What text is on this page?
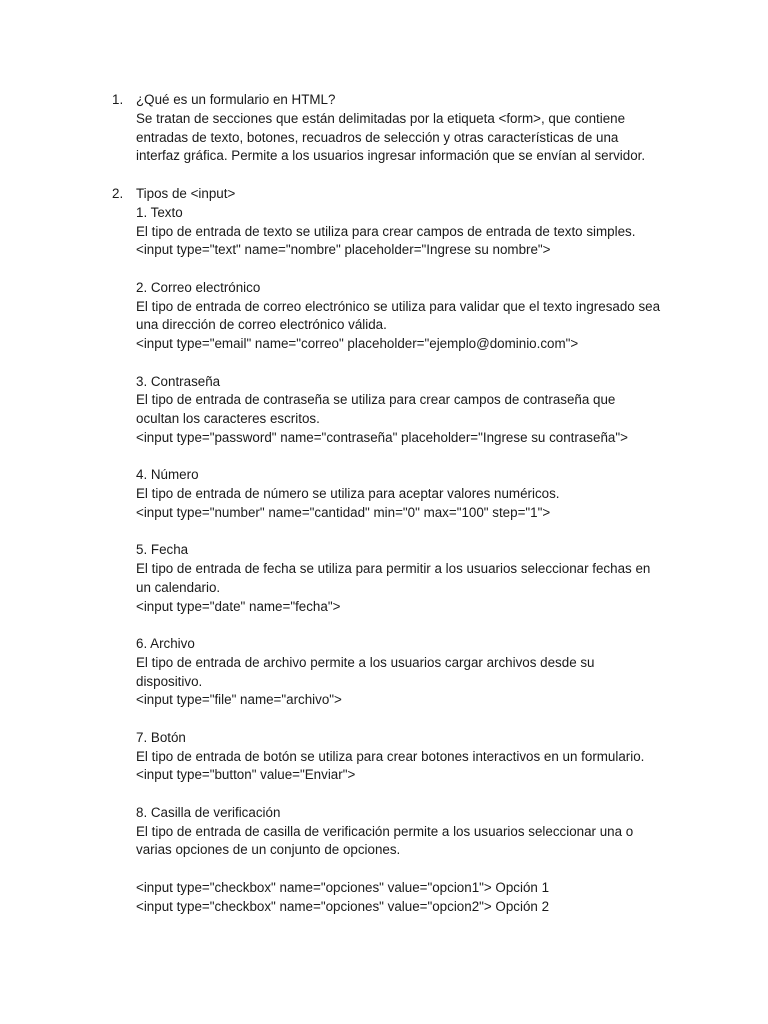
1. ¿Qué es un formulario en HTML?
Se tratan de secciones que están delimitadas por la etiqueta <form>, que contiene
entradas de texto, botones, recuadros de selección y otras características de una
interfaz gráfica. Permite a los usuarios ingresar información que se envían al servidor.
2. Tipos de <input>
1. Texto
El tipo de entrada de texto se utiliza para crear campos de entrada de texto simples.
<input type="text" name="nombre" placeholder="Ingrese su nombre">
2. Correo electrónico
El tipo de entrada de correo electrónico se utiliza para validar que el texto ingresado sea
una dirección de correo electrónico válida.
<input type="email" name="correo" placeholder="ejemplo@dominio.com">
3. Contraseña
El tipo de entrada de contraseña se utiliza para crear campos de contraseña que
ocultan los caracteres escritos.
<input type="password" name="contraseña" placeholder="Ingrese su contraseña">
4. Número
El tipo de entrada de número se utiliza para aceptar valores numéricos.
<input type="number" name="cantidad" min="0" max="100" step="1">
5. Fecha
El tipo de entrada de fecha se utiliza para permitir a los usuarios seleccionar fechas en
un calendario.
<input type="date" name="fecha">
6. Archivo
El tipo de entrada de archivo permite a los usuarios cargar archivos desde su
dispositivo.
<input type="file" name="archivo">
7. Botón
El tipo de entrada de botón se utiliza para crear botones interactivos en un formulario.
<input type="button" value="Enviar">
8. Casilla de verificación
El tipo de entrada de casilla de verificación permite a los usuarios seleccionar una o
varias opciones de un conjunto de opciones.
<input type="checkbox" name="opciones" value="opcion1"> Opción 1
<input type="checkbox" name="opciones" value="opcion2"> Opción 2
